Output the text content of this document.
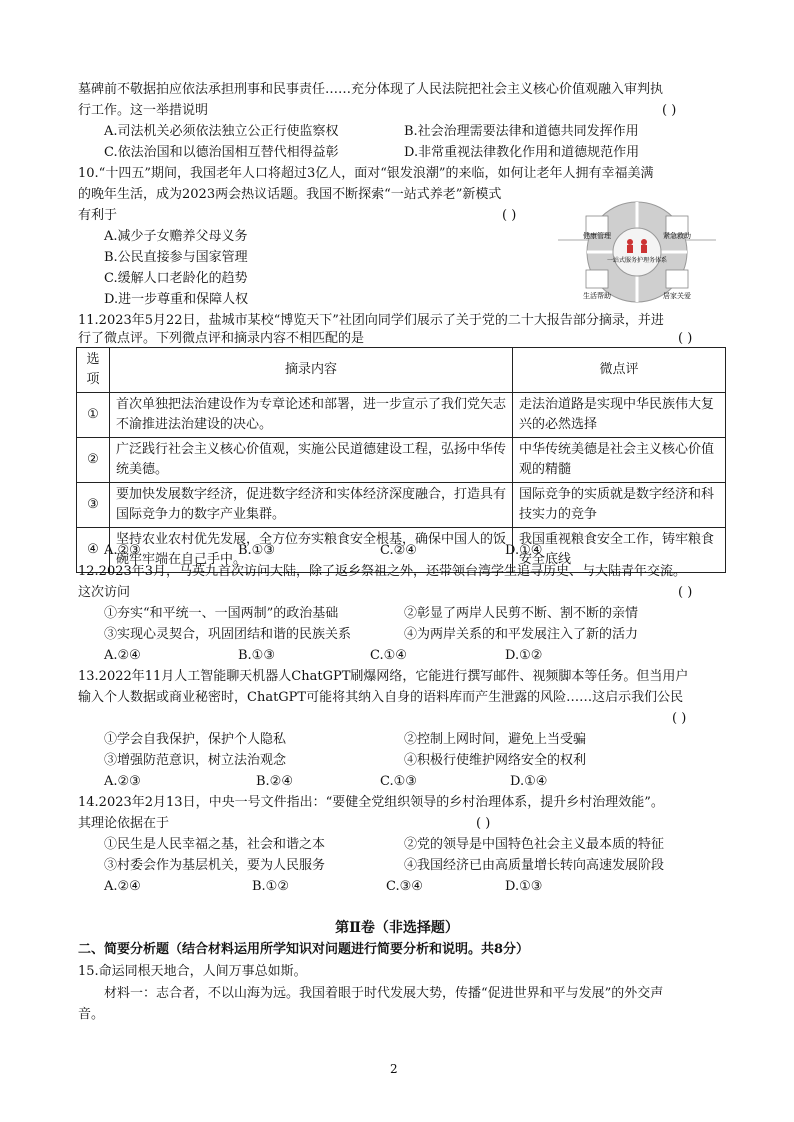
墓碑前不敬据拍应依法承担刑事和民事责任……充分体现了人民法院把社会主义核心价值观融入审判执
行工作。这一举措说明	( )
A.司法机关必须依法独立公正行使监察权	B.社会治理需要法律和道德共同发挥作用
C.依法治国和以德治国相互替代相得益彰	D.非常重视法律教化作用和道德规范作用
10.“十四五”期间，我国老年人口将超过3亿人，面对“银发浪潮”的来临，如何让老年人拥有幸福美满
的晚年生活，成为2023两会热议话题。我国不断探索“一站式养老”新模式
有利于	( )
A.减少子女赡养父母义务
B.公民直接参与国家管理
C.缓解人口老龄化的趋势
D.进一步尊重和保障人权
健康管理	紧急救助
生活帮助	居家关爱
一站式服务护理务体系
11.2023年5月22日，盐城市某校“博览天下”社团向同学们展示了关于党的二十大报告部分摘录，并进
行了微点评。下列微点评和摘录内容不相匹配的是	( )
选项	摘录内容	微点评
①	首次单独把法治建设作为专章论述和部署，进一步宣示了我们党矢志不渝推进法治建设的决心。	走法治道路是实现中华民族伟大复兴的必然选择
②	广泛践行社会主义核心价值观，实施公民道德建设工程，弘扬中华传统美德。	中华传统美德是社会主义核心价值观的精髓
③	要加快发展数字经济，促进数字经济和实体经济深度融合，打造具有国际竞争力的数字产业集群。	国际竞争的实质就是数字经济和科技实力的竞争
④	坚持农业农村优先发展，全方位夯实粮食安全根基，确保中国人的饭碗牢牢端在自己手中。	我国重视粮食安全工作，铸牢粮食安全底线
A.②③	B.①③	C.②④	D.①④
12.2023年3月，马英九首次访问大陆，除了返乡祭祖之外，还带领台湾学生追寻历史、与大陆青年交流。
这次访问	( )
①夯实“和平统一、一国两制”的政治基础	②彰显了两岸人民剪不断、割不断的亲情
③实现心灵契合，巩固团结和谐的民族关系	④为两岸关系的和平发展注入了新的活力
A.②④	B.①③	C.①④	D.①②
13.2022年11月人工智能聊天机器人ChatGPT刷爆网络，它能进行撰写邮件、视频脚本等任务。但当用户
输入个人数据或商业秘密时，ChatGPT可能将其纳入自身的语料库而产生泄露的风险……这启示我们公民
( )
①学会自我保护，保护个人隐私	②控制上网时间，避免上当受骗
③增强防范意识，树立法治观念	④积极行使维护网络安全的权利
A.②③	B.②④	C.①③	D.①④
14.2023年2月13日，中央一号文件指出：“要健全党组织领导的乡村治理体系，提升乡村治理效能”。
其理论依据在于	( )
①民生是人民幸福之基，社会和谐之本	②党的领导是中国特色社会主义最本质的特征
③村委会作为基层机关，要为人民服务	④我国经济已由高质量增长转向高速发展阶段
A.②④	B.①②	C.③④	D.①③
第Ⅱ卷（非选择题）
二、简要分析题（结合材料运用所学知识对问题进行简要分析和说明。共8分）
15.命运同根天地合，人间万事总如斯。
材料一：志合者，不以山海为远。我国着眼于时代发展大势，传播“促进世界和平与发展”的外交声
音。
2
